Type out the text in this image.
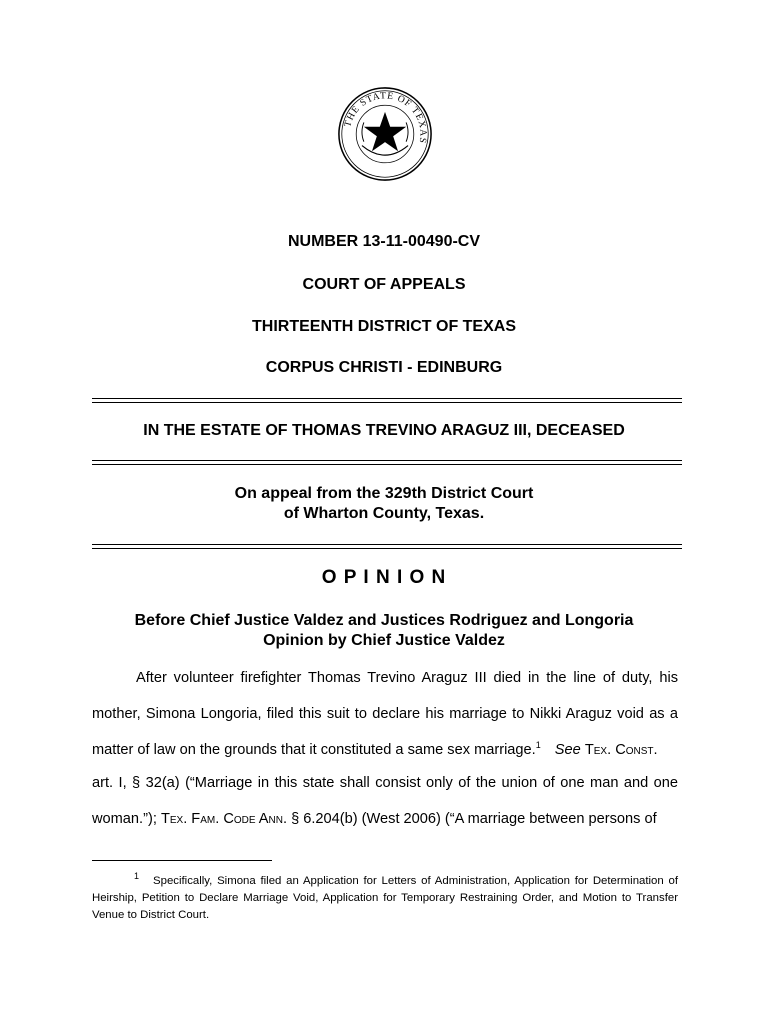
THE STATE OF TEXAS
NUMBER 13-11-00490-CV
COURT OF APPEALS
THIRTEENTH DISTRICT OF TEXAS
CORPUS CHRISTI - EDINBURG
IN THE ESTATE OF THOMAS TREVINO ARAGUZ III, DECEASED
On appeal from the 329th District Court
of Wharton County, Texas.
O P I N I O N
Before Chief Justice Valdez and Justices Rodriguez and Longoria
Opinion by Chief Justice Valdez
After volunteer firefighter Thomas Trevino Araguz III died in the line of duty, his
mother, Simona Longoria, filed this suit to declare his marriage to Nikki Araguz void as a
matter of law on the grounds that it constituted a same sex marriage.$^1$ See Tex. Const.
art. I, § 32(a) (“Marriage in this state shall consist only of the union of one man and one
woman.”); Tex. Fam. Code Ann. § 6.204(b) (West 2006) (“A marriage between persons of
$^1$ Specifically, Simona filed an Application for Letters of Administration, Application for Determination of Heirship, Petition to Declare Marriage Void, Application for Temporary Restraining Order, and Motion to Transfer Venue to District Court.
